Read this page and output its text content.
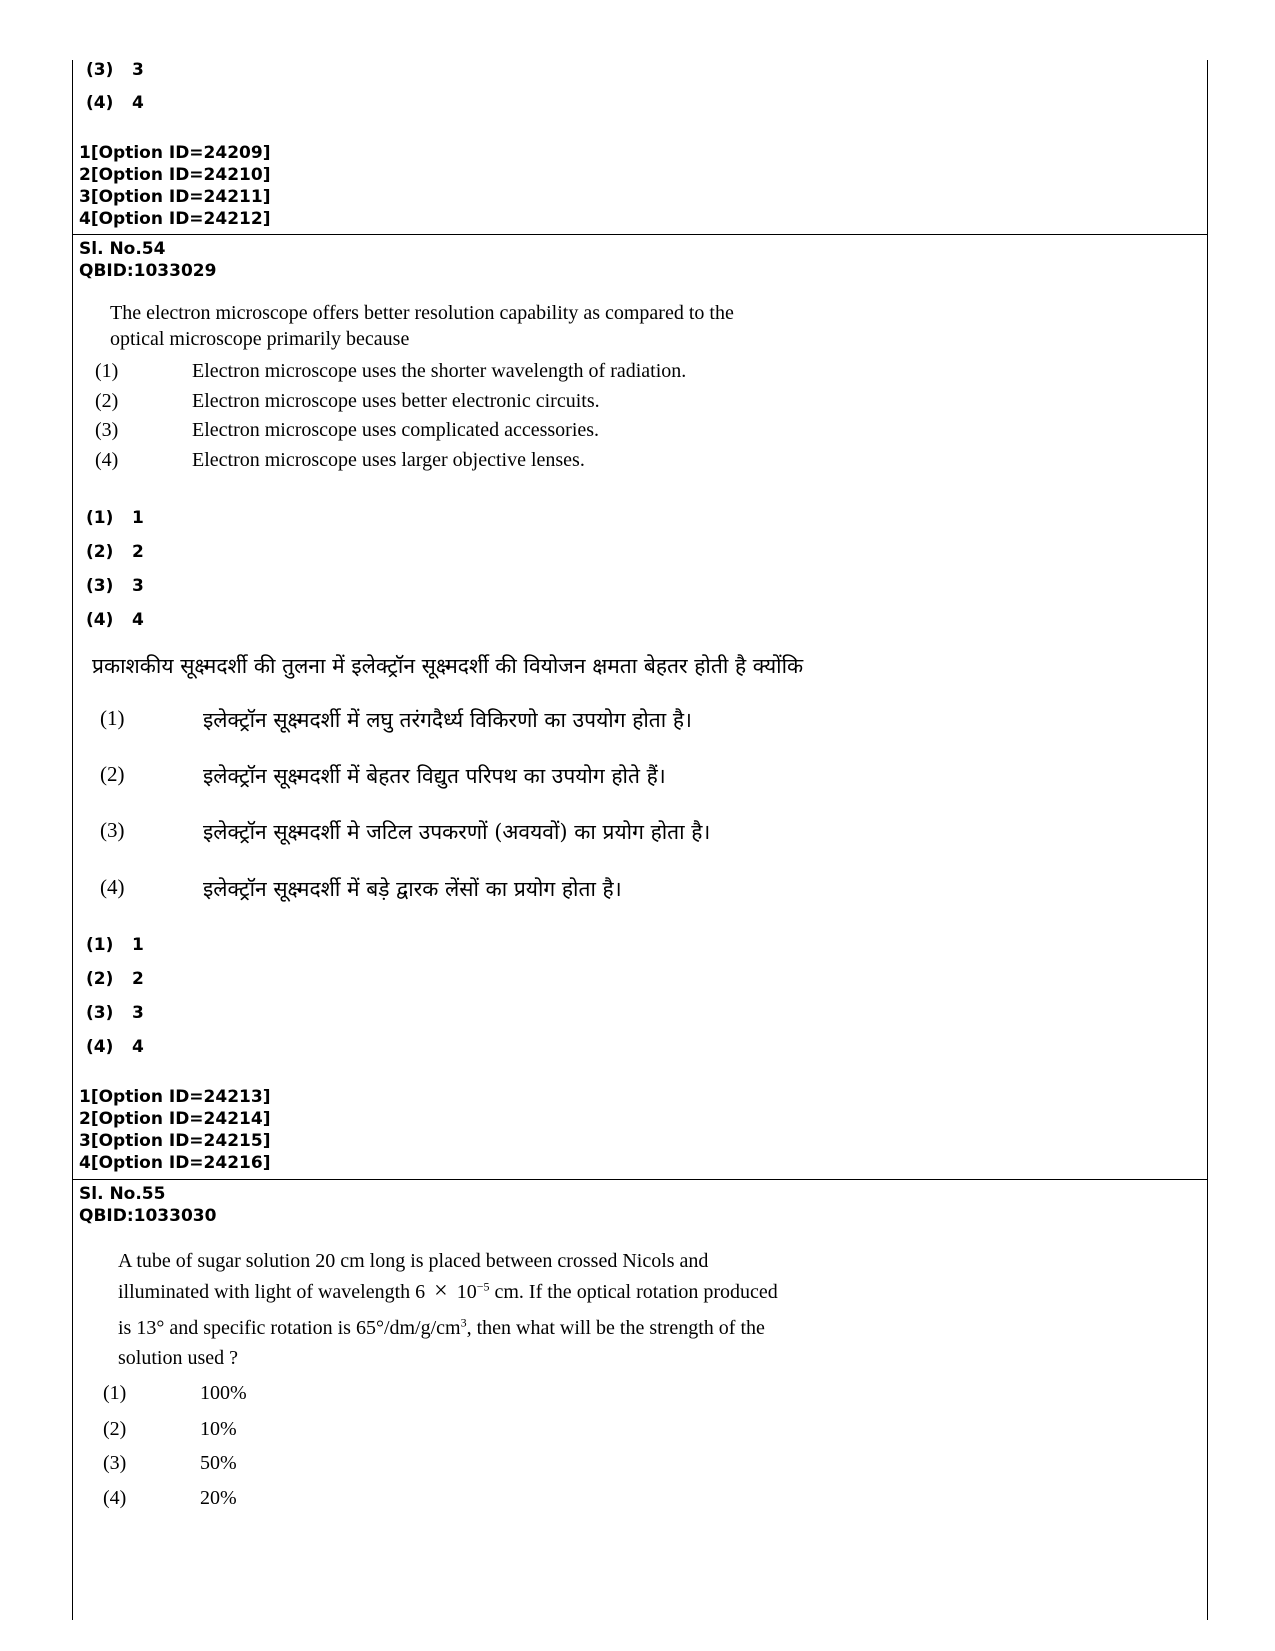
(3) 3
(4) 4
1[Option ID=24209]
2[Option ID=24210]
3[Option ID=24211]
4[Option ID=24212]
Sl. No.54
QBID:1033029
The electron microscope offers better resolution capability as compared to the
optical microscope primarily because
(1)	Electron microscope uses the shorter wavelength of radiation.
(2)	Electron microscope uses better electronic circuits.
(3)	Electron microscope uses complicated accessories.
(4)	Electron microscope uses larger objective lenses.
(1) 1
(2) 2
(3) 3
(4) 4
प्रकाशकीय सूक्ष्मदर्शी की तुलना में इलेक्ट्रॉन सूक्ष्मदर्शी की वियोजन क्षमता बेहतर होती है क्योंकि
(1)	इलेक्ट्रॉन सूक्ष्मदर्शी में लघु तरंगदैर्ध्य विकिरणो का उपयोग होता है।
(2)	इलेक्ट्रॉन सूक्ष्मदर्शी में बेहतर विद्युत परिपथ का उपयोग होते हैं।
(3)	इलेक्ट्रॉन सूक्ष्मदर्शी मे जटिल उपकरणों (अवयवों) का प्रयोग होता है।
(4)	इलेक्ट्रॉन सूक्ष्मदर्शी में बड़े द्वारक लेंसों का प्रयोग होता है।
(1) 1
(2) 2
(3) 3
(4) 4
1[Option ID=24213]
2[Option ID=24214]
3[Option ID=24215]
4[Option ID=24216]
Sl. No.55
QBID:1033030
A tube of sugar solution 20 cm long is placed between crossed Nicols and
illuminated with light of wavelength $6 \times 10^{-5}$ cm. If the optical rotation produced
is 13° and specific rotation is $65^\circ/dm/g/cm^3$, then what will be the strength of the
solution used ?
(1)	100%
(2)	10%
(3)	50%
(4)	20%
